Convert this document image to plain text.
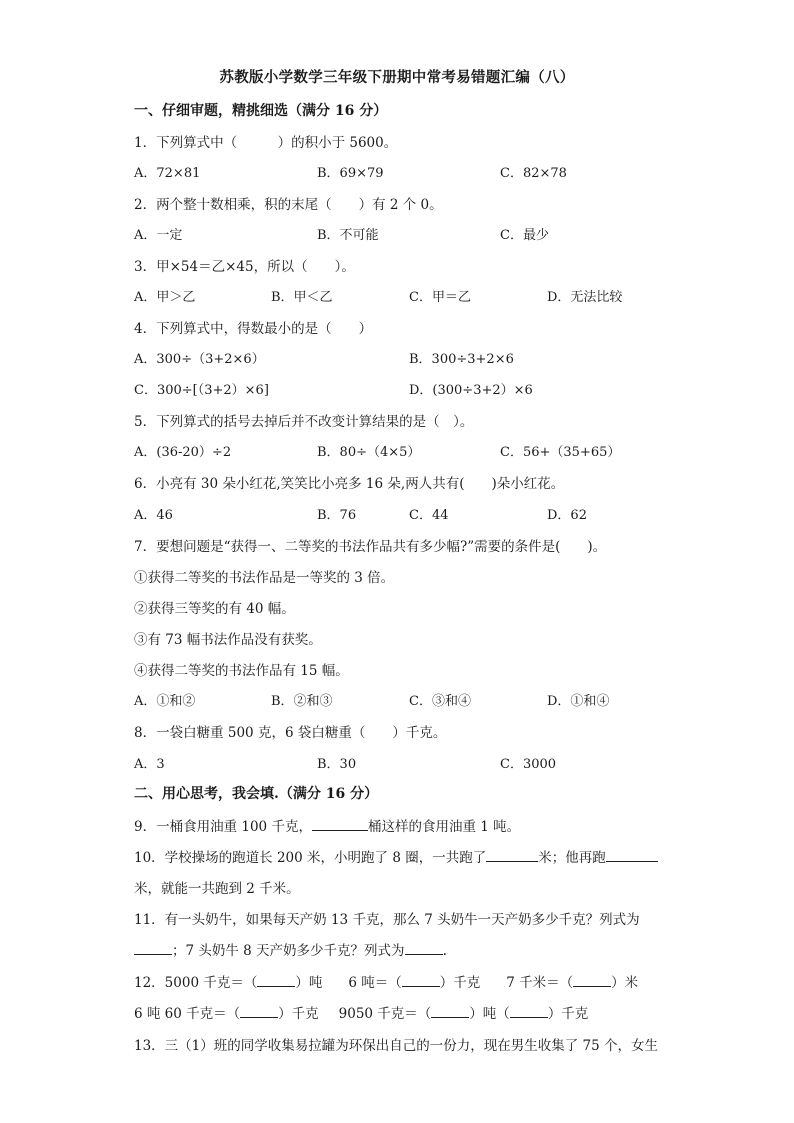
苏教版小学数学三年级下册期中常考易错题汇编（八）
一、仔细审题，精挑细选（满分 16 分）
1．下列算式中（　　　）的积小于 5600。
A．72×81	B．69×79	C．82×78
2．两个整十数相乘，积的末尾（　　）有 2 个 0。
A．一定	B．不可能	C．最少
3．甲×54＝乙×45，所以（　　）。
A．甲＞乙	B．甲＜乙	C．甲＝乙	D．无法比较
4．下列算式中，得数最小的是（　　）
A．300÷（3+2×6）	B．300÷3+2×6
C．300÷[（3+2）×6]	D．(300÷3+2）×6
5．下列算式的括号去掉后并不改变计算结果的是（　）。
A．(36-20）÷2	B．80÷（4×5）	C．56+（35+65）
6．小亮有 30 朵小红花,笑笑比小亮多 16 朵,两人共有(　　)朵小红花。
A．46	B．76	C．44	D．62
7．要想问题是“获得一、二等奖的书法作品共有多少幅?”需要的条件是(　　)。
①获得二等奖的书法作品是一等奖的 3 倍。
②获得三等奖的有 40 幅。
③有 73 幅书法作品没有获奖。
④获得二等奖的书法作品有 15 幅。
A．①和②	B．②和③	C．③和④	D．①和④
8．一袋白糖重 500 克，6 袋白糖重（　　）千克。
A．3	B．30	C．3000
二、用心思考，我会填.（满分 16 分）
9．一桶食用油重 100 千克，	桶这样的食用油重 1 吨。
10．学校操场的跑道长 200 米，小明跑了 8 圈，一共跑了	米；他再跑
米，就能一共跑到 2 千米。
11．有一头奶牛，如果每天产奶 13 千克，那么 7 头奶牛一天产奶多少千克？列式为
；7 头奶牛 8 天产奶多少千克？列式为	.
12．5000 千克＝（	）吨 6 吨＝（	）千克 7 千米＝（	）米
6 吨 60 千克＝（	）千克 9050 千克＝（	）吨（	）千克
13．三（1）班的同学收集易拉罐为环保出自己的一份力，现在男生收集了 75 个，女生
